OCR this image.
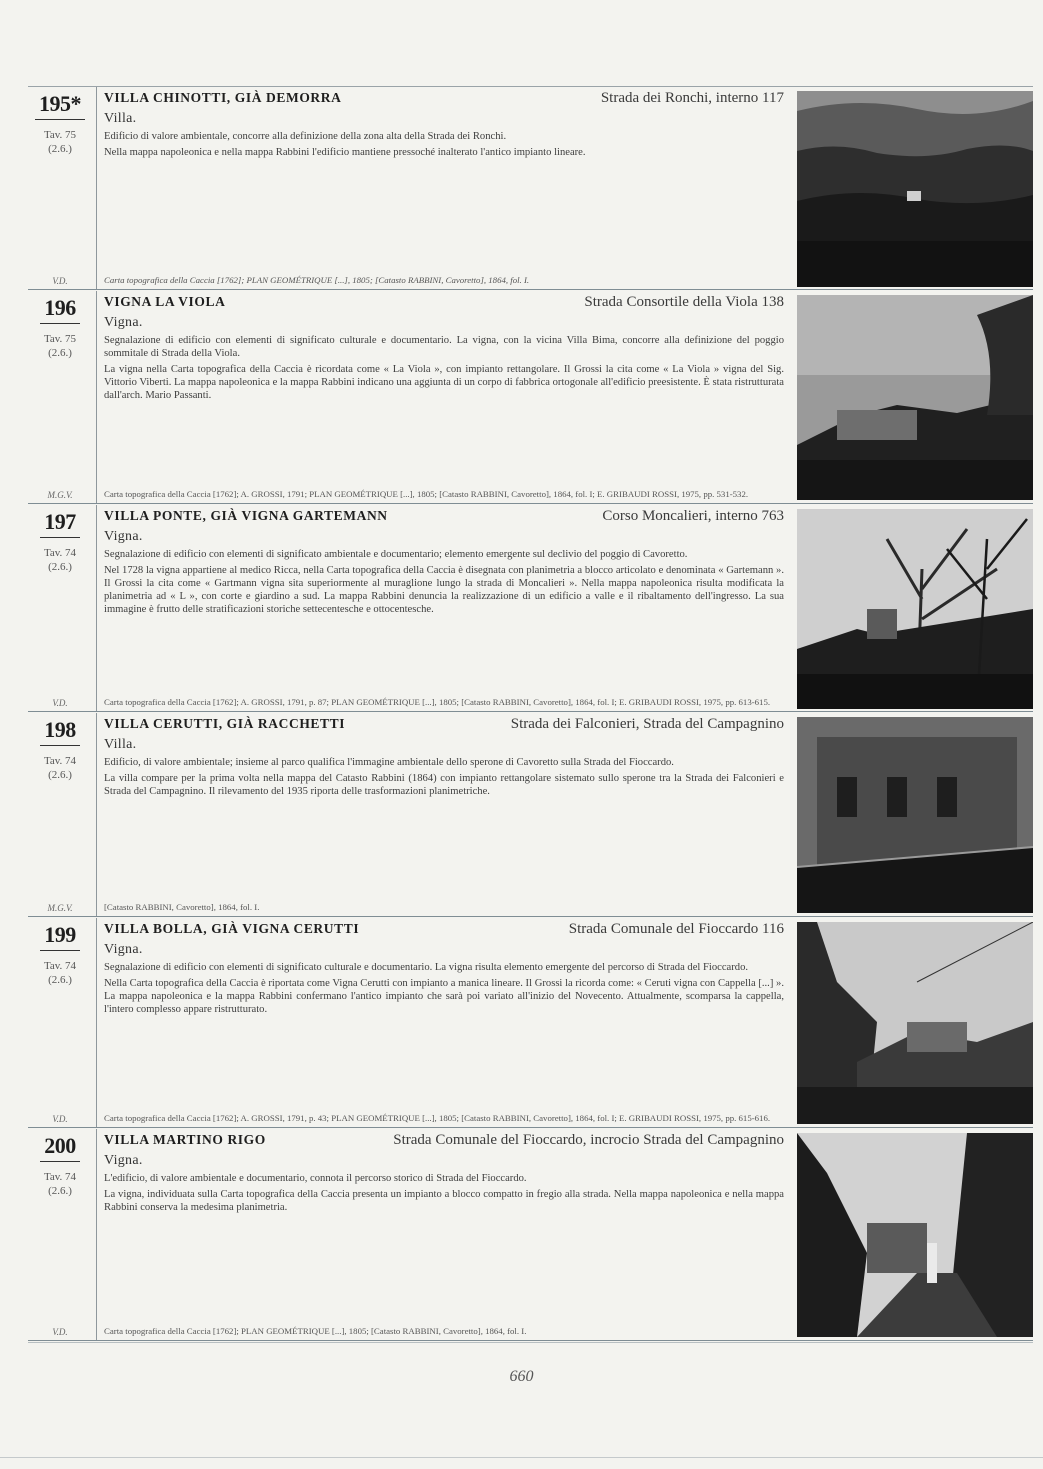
195*
Tav. 75
(2.6.)
V.D.
VILLA CHINOTTI, GIÀ DEMORRA	Strada dei Ronchi, interno 117
Villa.

Edificio di valore ambientale, concorre alla definizione della zona alta della Strada dei Ronchi.

Nella mappa napoleonica e nella mappa Rabbini l'edificio mantiene pressoché inalterato l'antico impianto lineare.

Carta topografica della Caccia [1762]; PLAN GEOMÉTRIQUE [...], 1805; [Catasto RABBINI, Cavoretto], 1864, fol. I.
196
Tav. 75
(2.6.)
M.G.V.
VIGNA LA VIOLA	Strada Consortile della Viola 138
Vigna.

Segnalazione di edificio con elementi di significato culturale e documentario. La vigna, con la vicina Villa Bima, concorre alla definizione del poggio sommitale di Strada della Viola.

La vigna nella Carta topografica della Caccia è ricordata come « La Viola », con impianto rettangolare. Il Grossi la cita come « La Viola » vigna del Sig. Vittorio Viberti. La mappa napoleonica e la mappa Rabbini indicano una aggiunta di un corpo di fabbrica ortogonale all'edificio preesistente. È stata ristrutturata dall'arch. Mario Passanti.

Carta topografica della Caccia [1762]; A. GROSSI, 1791; PLAN GEOMÉTRIQUE [...], 1805; [Catasto RABBINI, Cavoretto], 1864, fol. I; E. GRIBAUDI ROSSI, 1975, pp. 531-532.
197
Tav. 74
(2.6.)
V.D.
VILLA PONTE, GIÀ VIGNA GARTEMANN	Corso Moncalieri, interno 763
Vigna.

Segnalazione di edificio con elementi di significato ambientale e documentario; elemento emergente sul declivio del poggio di Cavoretto.

Nel 1728 la vigna appartiene al medico Ricca, nella Carta topografica della Caccia è disegnata con planimetria a blocco articolato e denominata « Gartemann ». Il Grossi la cita come « Gartmann vigna sita superiormente al muraglione lungo la strada di Moncalieri ». Nella mappa napoleonica risulta modificata la planimetria ad « L », con corte e giardino a sud. La mappa Rabbini denuncia la realizzazione di un edificio a valle e il ribaltamento dell'ingresso. La sua immagine è frutto delle stratificazioni storiche settecentesche e ottocentesche.

Carta topografica della Caccia [1762]; A. GROSSI, 1791, p. 87; PLAN GEOMÉTRIQUE [...], 1805; [Catasto RABBINI, Cavoretto], 1864, fol. I; E. GRIBAUDI ROSSI, 1975, pp. 613-615.
198
Tav. 74
(2.6.)
M.G.V.
VILLA CERUTTI, GIÀ RACCHETTI	Strada dei Falconieri, Strada del Campagnino
Villa.

Edificio, di valore ambientale; insieme al parco qualifica l'immagine ambientale dello sperone di Cavoretto sulla Strada del Fioccardo.

La villa compare per la prima volta nella mappa del Catasto Rabbini (1864) con impianto rettangolare sistemato sullo sperone tra la Strada dei Falconieri e Strada del Campagnino. Il rilevamento del 1935 riporta delle trasformazioni planimetriche.

[Catasto RABBINI, Cavoretto], 1864, fol. I.
199
Tav. 74
(2.6.)
V.D.
VILLA BOLLA, GIÀ VIGNA CERUTTI	Strada Comunale del Fioccardo 116
Vigna.

Segnalazione di edificio con elementi di significato culturale e documentario. La vigna risulta elemento emergente del percorso di Strada del Fioccardo.

Nella Carta topografica della Caccia è riportata come Vigna Cerutti con impianto a manica lineare. Il Grossi la ricorda come: « Ceruti vigna con Cappella [...] ». La mappa napoleonica e la mappa Rabbini confermano l'antico impianto che sarà poi variato all'inizio del Novecento. Attualmente, scomparsa la cappella, l'intero complesso appare ristrutturato.

Carta topografica della Caccia [1762]; A. GROSSI, 1791, p. 43; PLAN GEOMÉTRIQUE [...], 1805; [Catasto RABBINI, Cavoretto], 1864, fol. I; E. GRIBAUDI ROSSI, 1975, pp. 615-616.
200
Tav. 74
(2.6.)
V.D.
VILLA MARTINO RIGO	Strada Comunale del Fioccardo, incrocio Strada del Campagnino
Vigna.

L'edificio, di valore ambientale e documentario, connota il percorso storico di Strada del Fioccardo.

La vigna, individuata sulla Carta topografica della Caccia presenta un impianto a blocco compatto in fregio alla strada. Nella mappa napoleonica e nella mappa Rabbini conserva la medesima planimetria.

Carta topografica della Caccia [1762]; PLAN GEOMÉTRIQUE [...], 1805; [Catasto RABBINI, Cavoretto], 1864, fol. I.
660
